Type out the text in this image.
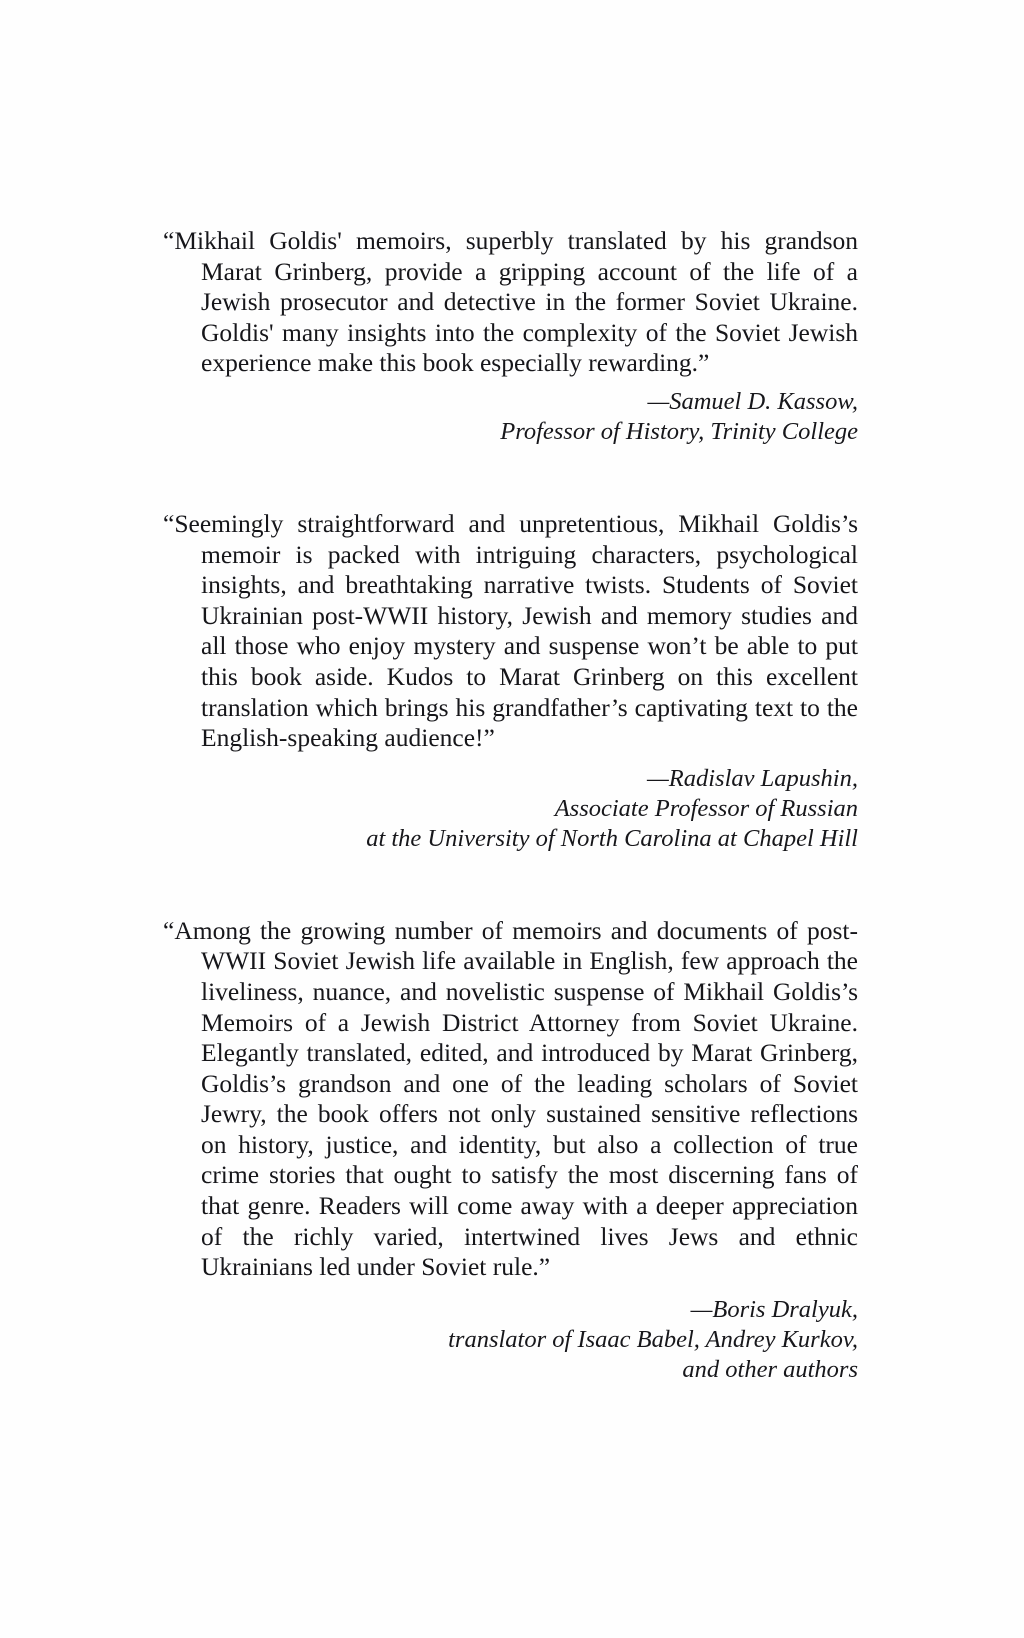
“Mikhail Goldis' memoirs, superbly translated by his grandson Marat Grinberg, provide a gripping account of the life of a Jewish prosecutor and detective in the former Soviet Ukraine. Goldis' many insights into the complexity of the Soviet Jewish experience make this book especially rewarding.”

—Samuel D. Kassow,
Professor of History, Trinity College

“Seemingly straightforward and unpretentious, Mikhail Goldis’s memoir is packed with intriguing characters, psychological insights, and breathtaking narrative twists. Students of Soviet Ukrainian post-WWII history, Jewish and memory studies and all those who enjoy mystery and suspense won’t be able to put this book aside. Kudos to Marat Grinberg on this excellent translation which brings his grandfather’s captivating text to the English-speaking audience!”

—Radislav Lapushin,
Associate Professor of Russian
at the University of North Carolina at Chapel Hill

“Among the growing number of memoirs and documents of post-WWII Soviet Jewish life available in English, few approach the liveliness, nuance, and novelistic suspense of Mikhail Goldis’s Memoirs of a Jewish District Attorney from Soviet Ukraine. Elegantly translated, edited, and introduced by Marat Grinberg, Goldis’s grandson and one of the leading scholars of Soviet Jewry, the book offers not only sustained sensitive reflections on history, justice, and identity, but also a collection of true crime stories that ought to satisfy the most discerning fans of that genre. Readers will come away with a deeper appreciation of the richly varied, intertwined lives Jews and ethnic Ukrainians led under Soviet rule.”

—Boris Dralyuk,
translator of Isaac Babel, Andrey Kurkov,
and other authors
